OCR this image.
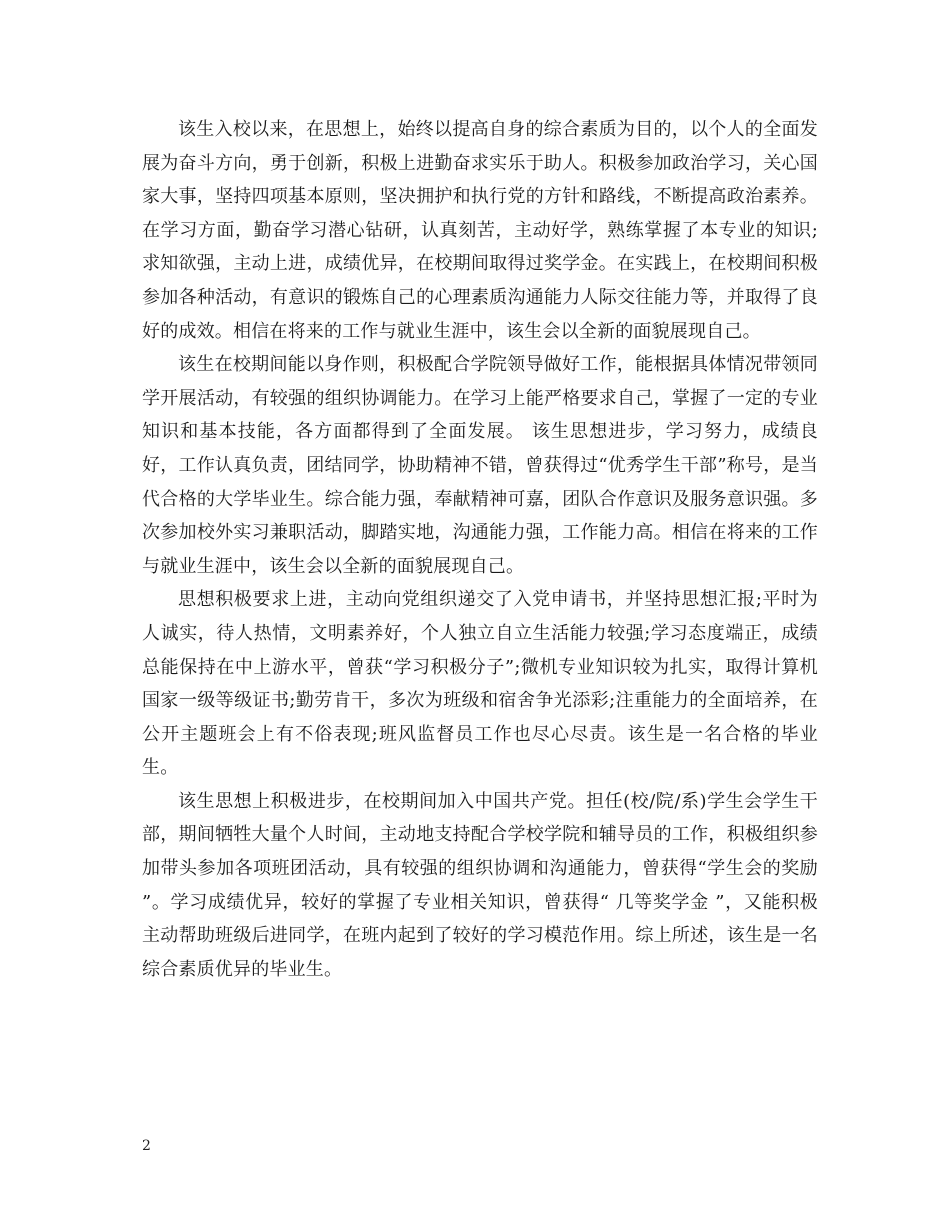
该生入校以来，在思想上，始终以提高自身的综合素质为目的，以个人的全面发展为奋斗方向，勇于创新，积极上进勤奋求实乐于助人。积极参加政治学习，关心国家大事，坚持四项基本原则，坚决拥护和执行党的方针和路线，不断提高政治素养。在学习方面，勤奋学习潜心钻研，认真刻苦，主动好学，熟练掌握了本专业的知识;求知欲强，主动上进，成绩优异，在校期间取得过奖学金。在实践上，在校期间积极参加各种活动，有意识的锻炼自己的心理素质沟通能力人际交往能力等，并取得了良好的成效。相信在将来的工作与就业生涯中，该生会以全新的面貌展现自己。

该生在校期间能以身作则，积极配合学院领导做好工作，能根据具体情况带领同学开展活动，有较强的组织协调能力。在学习上能严格要求自己，掌握了一定的专业知识和基本技能，各方面都得到了全面发展。 该生思想进步，学习努力，成绩良好，工作认真负责，团结同学，协助精神不错，曾获得过“优秀学生干部”称号，是当代合格的大学毕业生。综合能力强，奉献精神可嘉，团队合作意识及服务意识强。多次参加校外实习兼职活动，脚踏实地，沟通能力强，工作能力高。相信在将来的工作与就业生涯中，该生会以全新的面貌展现自己。

思想积极要求上进，主动向党组织递交了入党申请书，并坚持思想汇报;平时为人诚实，待人热情，文明素养好，个人独立自立生活能力较强;学习态度端正，成绩总能保持在中上游水平，曾获“学习积极分子”;微机专业知识较为扎实，取得计算机国家一级等级证书;勤劳肯干，多次为班级和宿舍争光添彩;注重能力的全面培养，在公开主题班会上有不俗表现;班风监督员工作也尽心尽责。该生是一名合格的毕业生。

该生思想上积极进步，在校期间加入中国共产党。担任(校/院/系)学生会学生干部，期间牺牲大量个人时间，主动地支持配合学校学院和辅导员的工作，积极组织参加带头参加各项班团活动，具有较强的组织协调和沟通能力，曾获得“学生会的奖励 ”。学习成绩优异，较好的掌握了专业相关知识，曾获得“ 几等奖学金 ”，又能积极主动帮助班级后进同学，在班内起到了较好的学习模范作用。综上所述，该生是一名综合素质优异的毕业生。

2
